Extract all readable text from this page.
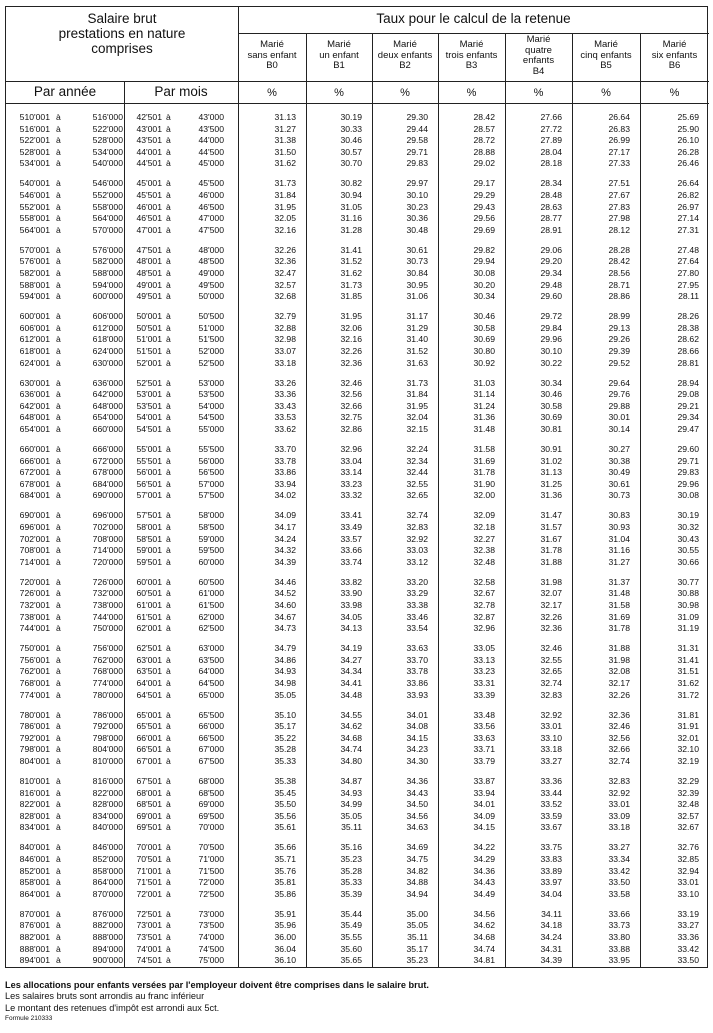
Salaire brut
prestations en nature
comprises
Taux pour le calcul de la retenue
Par année	Par mois
Marié
sans enfant
B0
%
Marié
un enfant
B1
%
Marié
deux enfants
B2
%
Marié
trois enfants
B3
%
Marié
quatre
enfants
B4
%
Marié
cinq enfants
B5
%
Marié
six enfants
B6
%
510'001 à	516'000	42'501 à	43'000	31.13	30.19	29.30	28.42	27.66	26.64	25.69
516'001 à	522'000	43'001 à	43'500	31.27	30.33	29.44	28.57	27.72	26.83	25.90
522'001 à	528'000	43'501 à	44'000	31.38	30.46	29.58	28.72	27.89	26.99	26.10
528'001 à	534'000	44'001 à	44'500	31.50	30.57	29.71	28.88	28.04	27.17	26.28
534'001 à	540'000	44'501 à	45'000	31.62	30.70	29.83	29.02	28.18	27.33	26.46
540'001 à	546'000	45'001 à	45'500	31.73	30.82	29.97	29.17	28.34	27.51	26.64
546'001 à	552'000	45'501 à	46'000	31.84	30.94	30.10	29.29	28.48	27.67	26.82
552'001 à	558'000	46'001 à	46'500	31.95	31.05	30.23	29.43	28.63	27.83	26.97
558'001 à	564'000	46'501 à	47'000	32.05	31.16	30.36	29.56	28.77	27.98	27.14
564'001 à	570'000	47'001 à	47'500	32.16	31.28	30.48	29.69	28.91	28.12	27.31
570'001 à	576'000	47'501 à	48'000	32.26	31.41	30.61	29.82	29.06	28.28	27.48
576'001 à	582'000	48'001 à	48'500	32.36	31.52	30.73	29.94	29.20	28.42	27.64
582'001 à	588'000	48'501 à	49'000	32.47	31.62	30.84	30.08	29.34	28.56	27.80
588'001 à	594'000	49'001 à	49'500	32.57	31.73	30.95	30.20	29.48	28.71	27.95
594'001 à	600'000	49'501 à	50'000	32.68	31.85	31.06	30.34	29.60	28.86	28.11
600'001 à	606'000	50'001 à	50'500	32.79	31.95	31.17	30.46	29.72	28.99	28.26
606'001 à	612'000	50'501 à	51'000	32.88	32.06	31.29	30.58	29.84	29.13	28.38
612'001 à	618'000	51'001 à	51'500	32.98	32.16	31.40	30.69	29.96	29.26	28.62
618'001 à	624'000	51'501 à	52'000	33.07	32.26	31.52	30.80	30.10	29.39	28.66
624'001 à	630'000	52'001 à	52'500	33.18	32.36	31.63	30.92	30.22	29.52	28.81
630'001 à	636'000	52'501 à	53'000	33.26	32.46	31.73	31.03	30.34	29.64	28.94
636'001 à	642'000	53'001 à	53'500	33.36	32.56	31.84	31.14	30.46	29.76	29.08
642'001 à	648'000	53'501 à	54'000	33.43	32.66	31.95	31.24	30.58	29.88	29.21
648'001 à	654'000	54'001 à	54'500	33.53	32.75	32.04	31.36	30.69	30.01	29.34
654'001 à	660'000	54'501 à	55'000	33.62	32.86	32.15	31.48	30.81	30.14	29.47
660'001 à	666'000	55'001 à	55'500	33.70	32.96	32.24	31.58	30.91	30.27	29.60
666'001 à	672'000	55'501 à	56'000	33.78	33.04	32.34	31.69	31.02	30.38	29.71
672'001 à	678'000	56'001 à	56'500	33.86	33.14	32.44	31.78	31.13	30.49	29.83
678'001 à	684'000	56'501 à	57'000	33.94	33.23	32.55	31.90	31.25	30.61	29.96
684'001 à	690'000	57'001 à	57'500	34.02	33.32	32.65	32.00	31.36	30.73	30.08
690'001 à	696'000	57'501 à	58'000	34.09	33.41	32.74	32.09	31.47	30.83	30.19
696'001 à	702'000	58'001 à	58'500	34.17	33.49	32.83	32.18	31.57	30.93	30.32
702'001 à	708'000	58'501 à	59'000	34.24	33.57	32.92	32.27	31.67	31.04	30.43
708'001 à	714'000	59'001 à	59'500	34.32	33.66	33.03	32.38	31.78	31.16	30.55
714'001 à	720'000	59'501 à	60'000	34.39	33.74	33.12	32.48	31.88	31.27	30.66
720'001 à	726'000	60'001 à	60'500	34.46	33.82	33.20	32.58	31.98	31.37	30.77
726'001 à	732'000	60'501 à	61'000	34.52	33.90	33.29	32.67	32.07	31.48	30.88
732'001 à	738'000	61'001 à	61'500	34.60	33.98	33.38	32.78	32.17	31.58	30.98
738'001 à	744'000	61'501 à	62'000	34.67	34.05	33.46	32.87	32.26	31.69	31.09
744'001 à	750'000	62'001 à	62'500	34.73	34.13	33.54	32.96	32.36	31.78	31.19
750'001 à	756'000	62'501 à	63'000	34.79	34.19	33.63	33.05	32.46	31.88	31.31
756'001 à	762'000	63'001 à	63'500	34.86	34.27	33.70	33.13	32.55	31.98	31.41
762'001 à	768'000	63'501 à	64'000	34.93	34.34	33.78	33.23	32.65	32.08	31.51
768'001 à	774'000	64'001 à	64'500	34.98	34.41	33.86	33.31	32.74	32.17	31.62
774'001 à	780'000	64'501 à	65'000	35.05	34.48	33.93	33.39	32.83	32.26	31.72
780'001 à	786'000	65'001 à	65'500	35.10	34.55	34.01	33.48	32.92	32.36	31.81
786'001 à	792'000	65'501 à	66'000	35.17	34.62	34.08	33.56	33.01	32.46	31.91
792'001 à	798'000	66'001 à	66'500	35.22	34.68	34.15	33.63	33.10	32.56	32.01
798'001 à	804'000	66'501 à	67'000	35.28	34.74	34.23	33.71	33.18	32.66	32.10
804'001 à	810'000	67'001 à	67'500	35.33	34.80	34.30	33.79	33.27	32.74	32.19
810'001 à	816'000	67'501 à	68'000	35.38	34.87	34.36	33.87	33.36	32.83	32.29
816'001 à	822'000	68'001 à	68'500	35.45	34.93	34.43	33.94	33.44	32.92	32.39
822'001 à	828'000	68'501 à	69'000	35.50	34.99	34.50	34.01	33.52	33.01	32.48
828'001 à	834'000	69'001 à	69'500	35.56	35.05	34.56	34.09	33.59	33.09	32.57
834'001 à	840'000	69'501 à	70'000	35.61	35.11	34.63	34.15	33.67	33.18	32.67
840'001 à	846'000	70'001 à	70'500	35.66	35.16	34.69	34.22	33.75	33.27	32.76
846'001 à	852'000	70'501 à	71'000	35.71	35.23	34.75	34.29	33.83	33.34	32.85
852'001 à	858'000	71'001 à	71'500	35.76	35.28	34.82	34.36	33.89	33.42	32.94
858'001 à	864'000	71'501 à	72'000	35.81	35.33	34.88	34.43	33.97	33.50	33.01
864'001 à	870'000	72'001 à	72'500	35.86	35.39	34.94	34.49	34.04	33.58	33.10
870'001 à	876'000	72'501 à	73'000	35.91	35.44	35.00	34.56	34.11	33.66	33.19
876'001 à	882'000	73'001 à	73'500	35.96	35.49	35.05	34.62	34.18	33.73	33.27
882'001 à	888'000	73'501 à	74'000	36.00	35.55	35.11	34.68	34.24	33.80	33.36
888'001 à	894'000	74'001 à	74'500	36.04	35.60	35.17	34.74	34.31	33.88	33.42
894'001 à	900'000	74'501 à	75'000	36.10	35.65	35.23	34.81	34.39	33.95	33.50
Les allocations pour enfants versées par l'employeur doivent être comprises dans le salaire brut.
Les salaires bruts sont arrondis au franc inférieur
Le montant des retenues d'impôt est arrondi aux 5ct.
Formule 210333
